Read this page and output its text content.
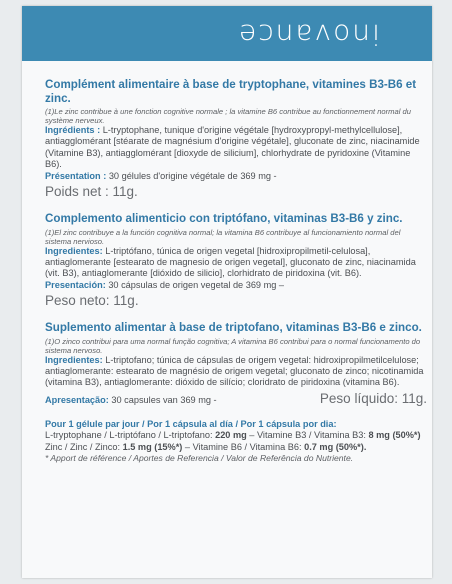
inovance
Complément alimentaire à base de tryptophane, vitamines B3-B6 et zinc.
(1)Le zinc contribue à une fonction cognitive normale ; la vitamine B6 contribue au fonctionnement normal du système nerveux.
Ingrédients : L-tryptophane, tunique d'origine végétale [hydroxypropyl-methylcellulose], antiagglomérant [stéarate de magnésium d'origine végétale], gluconate de zinc, niacinamide (Vitamine B3), antiagglomérant [dioxyde de silicium], chlorhydrate de pyridoxine (Vitamine B6).
Présentation : 30 gélules d'origine végétale de 369 mg -
Poids net : 11g.
Complemento alimenticio con triptófano, vitaminas B3-B6 y zinc.
(1)El zinc contribuye a la función cognitiva normal; la vitamina B6 contribuye al funcionamiento normal del sistema nervioso.
Ingredientes: L-triptófano, túnica de origen vegetal [hidroxipropilmetil-celulosa], antiaglomerante [estearato de magnesio de origen vegetal], gluconato de zinc, niacinamida (vit. B3), antiaglomerante [dióxido de silicio], clorhidrato de piridoxina (vit. B6).
Presentación: 30 cápsulas de origen vegetal de 369 mg –
Peso neto: 11g.
Suplemento alimentar à base de triptofano, vitaminas B3-B6 e zinco.
(1)O zinco contribui para uma normal função cognitiva; A vitamina B6 contribui para o normal funcionamento do sistema nervoso.
Ingredientes: L-triptofano; túnica de cápsulas de origem vegetal: hidroxipropilmetilcelulose; antiaglomerante: estearato de magnésio de origem vegetal; gluconato de zinco; nicotinamida (vitamina B3), antiaglomerante: dióxido de silício; cloridrato de piridoxina (vitamina B6).
Apresentação: 30 capsules van 369 mg -	Peso líquido: 11g.
Pour 1 gélule par jour / Por 1 cápsula al día / Por 1 cápsula por dia:
L-tryptophane / L-triptófano / L-triptofano: 220 mg – Vitamine B3 / Vitamina B3: 8 mg (50%*) Zinc / Zinc / Zinco: 1.5 mg (15%*) – Vitamine B6 / Vitamina B6: 0.7 mg (50%*).
* Apport de référence / Aportes de Referencia / Valor de Referência do Nutriente.
